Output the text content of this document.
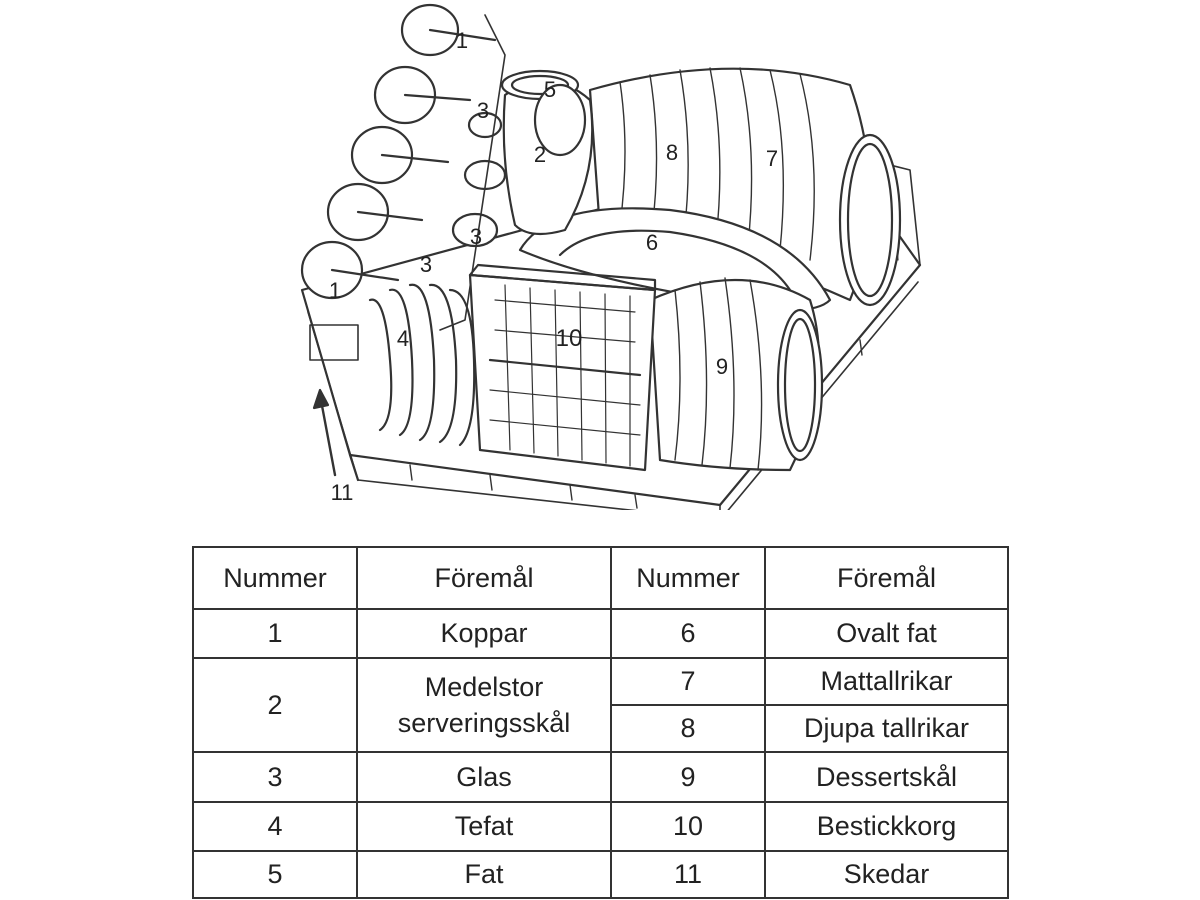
1
3
5
2	8	7
6
3
3
1
4	10
9
11
Nummer	Föremål	Nummer	Föremål
1	Koppar	6	Ovalt fat
2	Medelstor
serveringsskål	7	Mattallrikar
		8	Djupa tallrikar
3	Glas	9	Dessertskål
4	Tefat	10	Bestickkorg
5	Fat	11	Skedar
